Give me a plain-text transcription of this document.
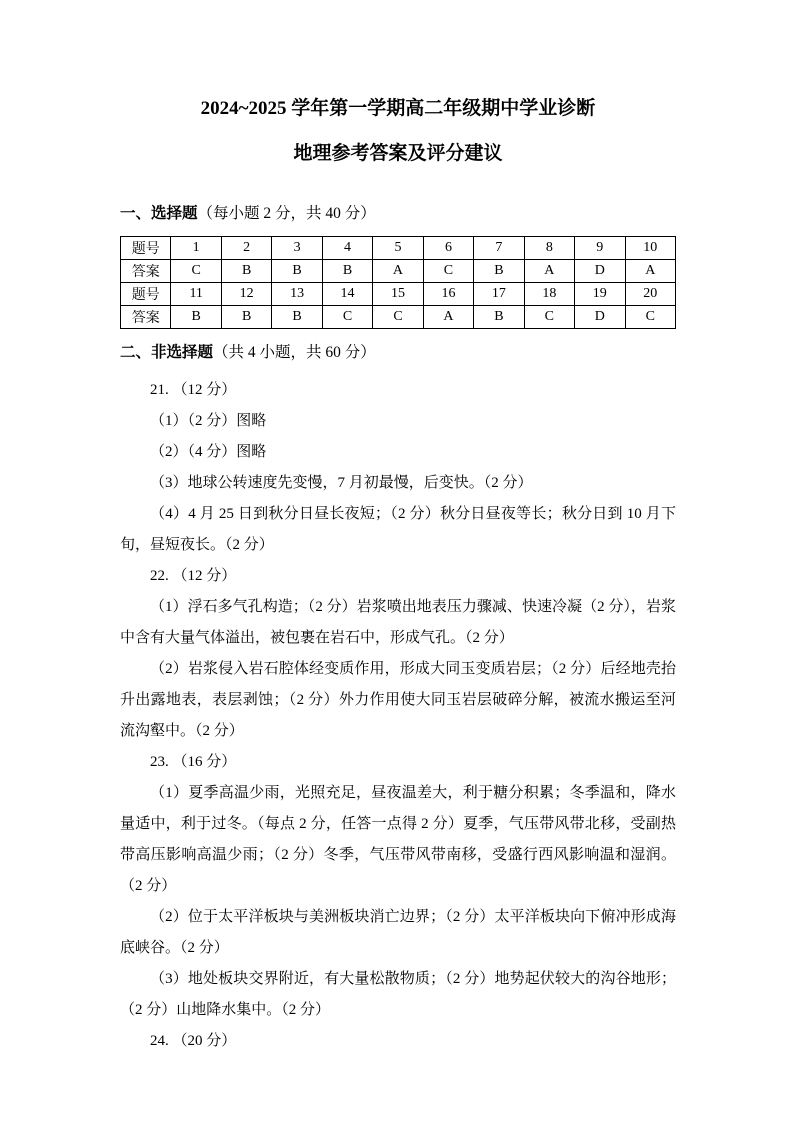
2024~2025 学年第一学期高二年级期中学业诊断

地理参考答案及评分建议

一、选择题（每小题 2 分，共 40 分）

题号	1	2	3	4	5	6	7	8	9	10
答案	C	B	B	B	A	C	B	A	D	A
题号	11	12	13	14	15	16	17	18	19	20
答案	B	B	B	C	C	A	B	C	D	C

二、非选择题（共 4 小题，共 60 分）

21. （12 分）

（1）（2 分）图略

（2）（4 分）图略

（3）地球公转速度先变慢，7 月初最慢，后变快。（2 分）

（4）4 月 25 日到秋分日昼长夜短；（2 分）秋分日昼夜等长；秋分日到 10 月下旬，昼短夜长。（2 分）

22. （12 分）

（1）浮石多气孔构造；（2 分）岩浆喷出地表压力骤减、快速冷凝（2 分），岩浆中含有大量气体溢出，被包裹在岩石中，形成气孔。（2 分）

（2）岩浆侵入岩石腔体经变质作用，形成大同玉变质岩层；（2 分）后经地壳抬升出露地表，表层剥蚀；（2 分）外力作用使大同玉岩层破碎分解，被流水搬运至河流沟壑中。（2 分）

23. （16 分）

（1）夏季高温少雨，光照充足，昼夜温差大，利于糖分积累；冬季温和，降水量适中，利于过冬。（每点 2 分，任答一点得 2 分）夏季，气压带风带北移，受副热带高压影响高温少雨；（2 分）冬季，气压带风带南移，受盛行西风影响温和湿润。（2 分）

（2）位于太平洋板块与美洲板块消亡边界；（2 分）太平洋板块向下俯冲形成海底峡谷。（2 分）

（3）地处板块交界附近，有大量松散物质；（2 分）地势起伏较大的沟谷地形；（2 分）山地降水集中。（2 分）

24. （20 分）
